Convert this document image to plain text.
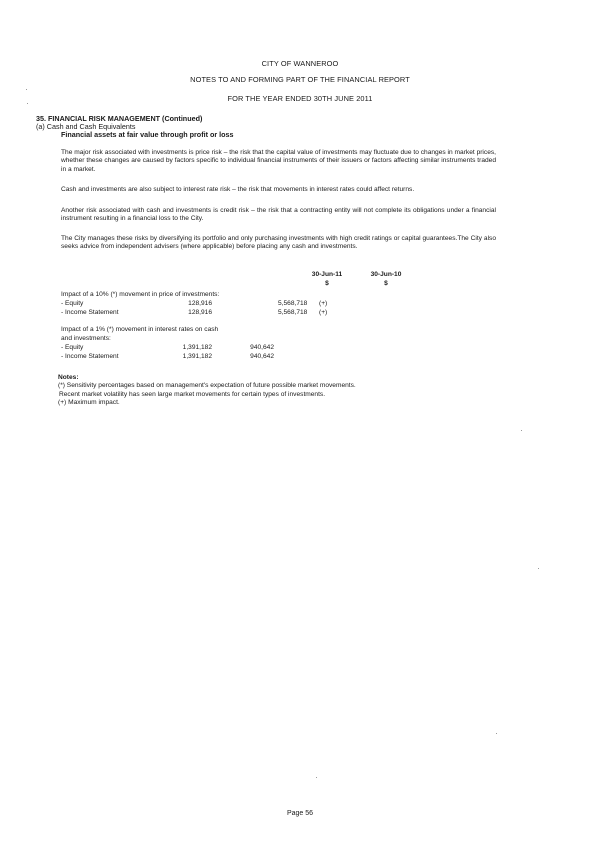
CITY OF WANNEROO
NOTES TO AND FORMING PART OF THE FINANCIAL REPORT
FOR THE YEAR ENDED 30TH JUNE 2011
35. FINANCIAL RISK MANAGEMENT (Continued)
(a) Cash and Cash Equivalents
Financial assets at fair value through profit or loss
The major risk associated with investments is price risk – the risk that the capital value of investments may fluctuate due to changes in market prices, whether these changes are caused by factors specific to individual financial instruments of their issuers or factors affecting similar instruments traded in a market.
Cash and investments are also subject to interest rate risk – the risk that movements in interest rates could affect returns.
Another risk associated with cash and investments is credit risk – the risk that a contracting entity will not complete its obligations under a financial instrument resulting in a financial loss to the City.
The City manages these risks by diversifying its portfolio and only purchasing investments with high credit ratings or capital guarantees.The City also seeks advice from independent advisers (where applicable) before placing any cash and investments.
30-Jun-11	30-Jun-10
$	$
Impact of a 10% (*) movement in price of investments:
- Equity	128,916	5,568,718 (+)
- Income Statement	128,916	5,568,718 (+)
Impact of a 1% (*) movement in interest rates on cash
and investments:
- Equity	1,391,182	940,642
- Income Statement	1,391,182	940,642
Notes:
(*) Sensitivity percentages based on management's expectation of future possible market movements.
Recent market volatility has seen large market movements for certain types of investments.
(+) Maximum impact.
Page 56
